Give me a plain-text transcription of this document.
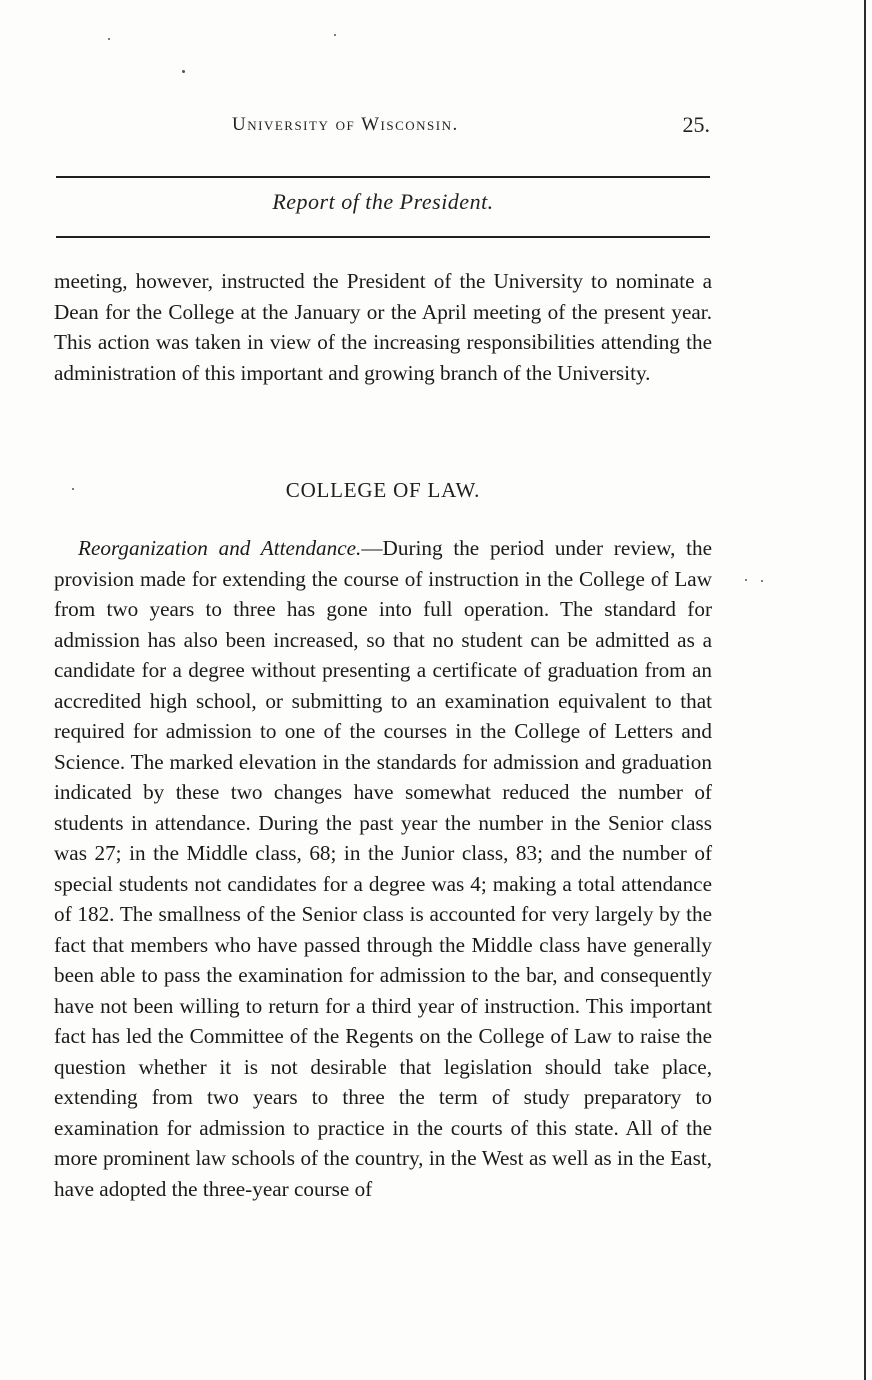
University of Wisconsin.	25.
Report of the President.

meeting, however, instructed the President of the University to nominate a Dean for the College at the January or the April meeting of the present year. This action was taken in view of the increasing responsibilities attending the administration of this important and growing branch of the University.

COLLEGE OF LAW.

Reorganization and Attendance.—During the period under review, the provision made for extending the course of instruction in the College of Law from two years to three has gone into full operation. The standard for admission has also been increased, so that no student can be admitted as a candidate for a degree without presenting a certificate of graduation from an accredited high school, or submitting to an examination equivalent to that required for admission to one of the courses in the College of Letters and Science. The marked elevation in the standards for admission and graduation indicated by these two changes have somewhat reduced the number of students in attendance. During the past year the number in the Senior class was 27; in the Middle class, 68; in the Junior class, 83; and the number of special students not candidates for a degree was 4; making a total attendance of 182. The smallness of the Senior class is accounted for very largely by the fact that members who have passed through the Middle class have generally been able to pass the examination for admission to the bar, and consequently have not been willing to return for a third year of instruction. This important fact has led the Committee of the Regents on the College of Law to raise the question whether it is not desirable that legislation should take place, extending from two years to three the term of study preparatory to examination for admission to practice in the courts of this state. All of the more prominent law schools of the country, in the West as well as in the East, have adopted the three-year course of
